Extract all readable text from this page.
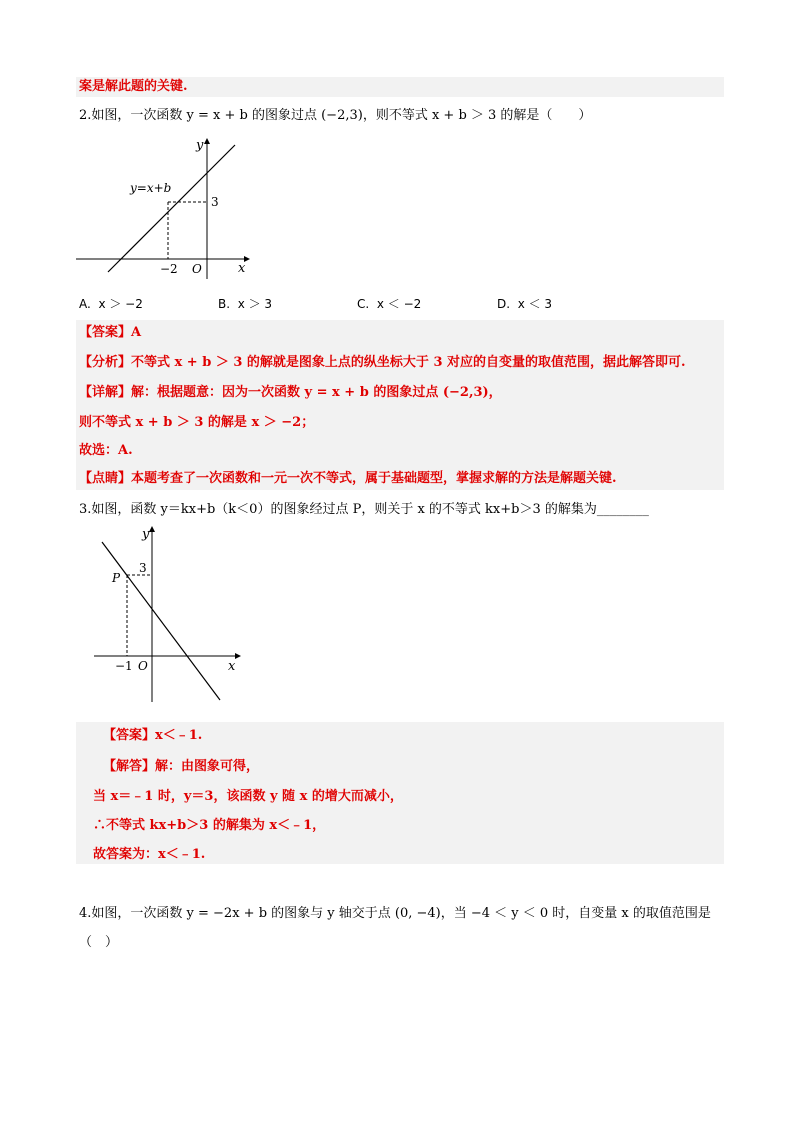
案是解此题的关键.
2.如图，一次函数 y = x + b 的图象过点 (−2,3)，则不等式 x + b ＞ 3 的解是（　　）
y=x+b
y
x
3
−2 O
A. x ＞ −2	B. x ＞ 3	C. x ＜ −2	D. x ＜ 3
【答案】A
【分析】不等式 x + b ＞ 3 的解就是图象上点的纵坐标大于 3 对应的自变量的取值范围，据此解答即可.
【详解】解：根据题意：因为一次函数 y = x + b 的图象过点 (−2,3)，
则不等式 x + b ＞ 3 的解是 x ＞ −2；
故选：A.
【点睛】本题考查了一次函数和一元一次不等式，属于基础题型，掌握求解的方法是解题关键.
3.如图，函数 y＝kx+b（k＜0）的图象经过点 P，则关于 x 的不等式 kx+b＞3 的解集为________
y
x
3
P
−1 O
【答案】x＜﹣1.
【解答】解：由图象可得，
当 x＝﹣1 时，y＝3，该函数 y 随 x 的增大而减小，
∴不等式 kx+b＞3 的解集为 x＜﹣1，
故答案为：x＜﹣1.
4.如图，一次函数 y = −2x + b 的图象与 y 轴交于点 (0, −4)，当 −4 ＜ y ＜ 0 时，自变量 x 的取值范围是
（　）
